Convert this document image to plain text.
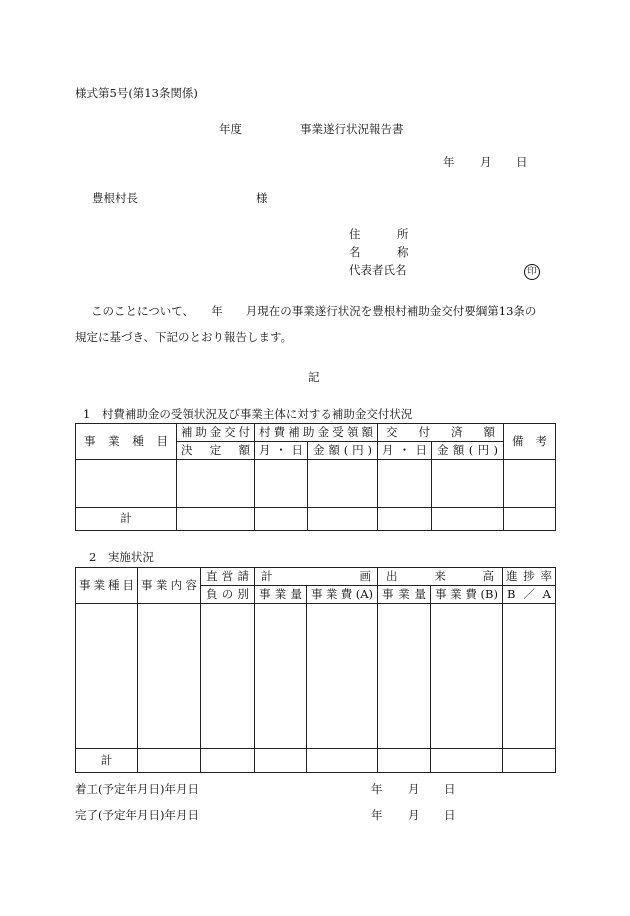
様式第5号(第13条関係)
年度	事業遂行状況報告書
年 月 日
豊根村長	様
住	所
名	称
代表者氏名	印
このことについて、　　年　　月現在の事業遂行状況を豊根村補助金交付要綱第13条の
規定に基づき、下記のとおり報告します。
記
1　村費補助金の受領状況及び事業主体に対する補助金交付状況
事業種目	補助金交付	村費補助金受領額		交 付 済 額		備考

	決定額	月 ・ 日	金額(円)	月 ・ 日	金額(円)	

計						
2　実施状況
事業種目	事業内容	直営請	計 画		出 来 高		進捗率

		負の別	事業量	事業費(A)	事業量	事業費(B)	B ／ A

計							
着工(予定年月日)年月日	年 月 日
完了(予定年月日)年月日	年 月 日
